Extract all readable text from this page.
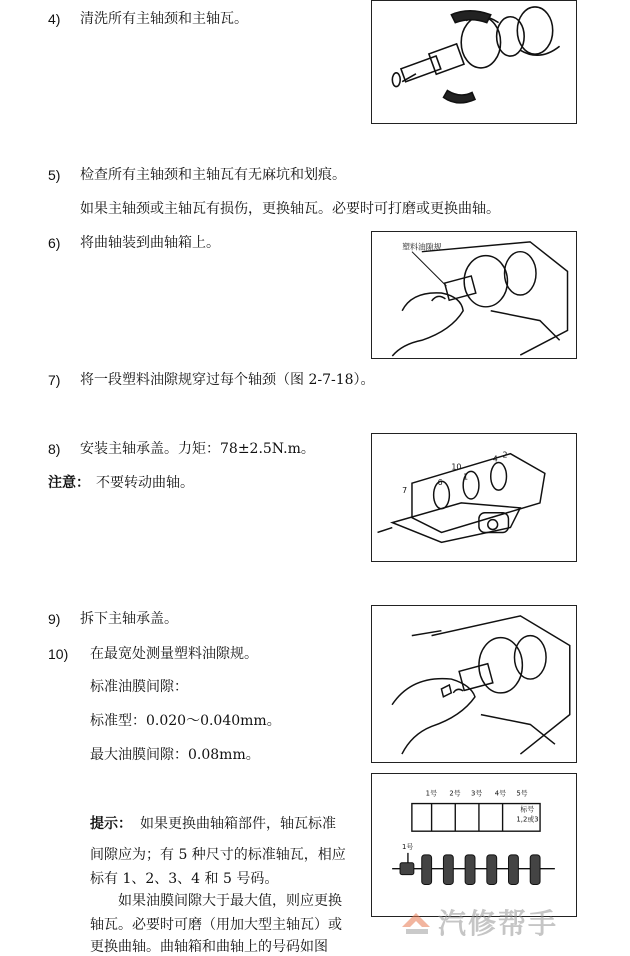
4) 清洗所有主轴颈和主轴瓦。
5) 检查所有主轴颈和主轴瓦有无麻坑和划痕。
如果主轴颈或主轴瓦有损伤，更换轴瓦。必要时可打磨或更换曲轴。
6) 将曲轴装到曲轴箱上。	塑料油隙规
7) 将一段塑料油隙规穿过每个轴颈（图 2-7-18）。
8) 安装主轴承盖。力矩：78±2.5N.m。
注意： 不要转动曲轴。
10
6
2
7
1
4
9) 拆下主轴承盖。
10) 在最宽处测量塑料油隙规。
标准油膜间隙：
标准型：0.020～0.040mm。
最大油膜间隙：0.08mm。
提示： 如果更换曲轴箱部件，轴瓦标准
间隙应为；有 5 种尺寸的标准轴瓦，相应
标有 1、2、3、4 和 5 号码。
如果油膜间隙大于最大值，则应更换
轴瓦。必要时可磨（用加大型主轴瓦）或
更换曲轴。曲轴箱和曲轴上的号码如图
1号 2号 3号 4号 5号
标号
1,2或3
1号
汽修帮手
